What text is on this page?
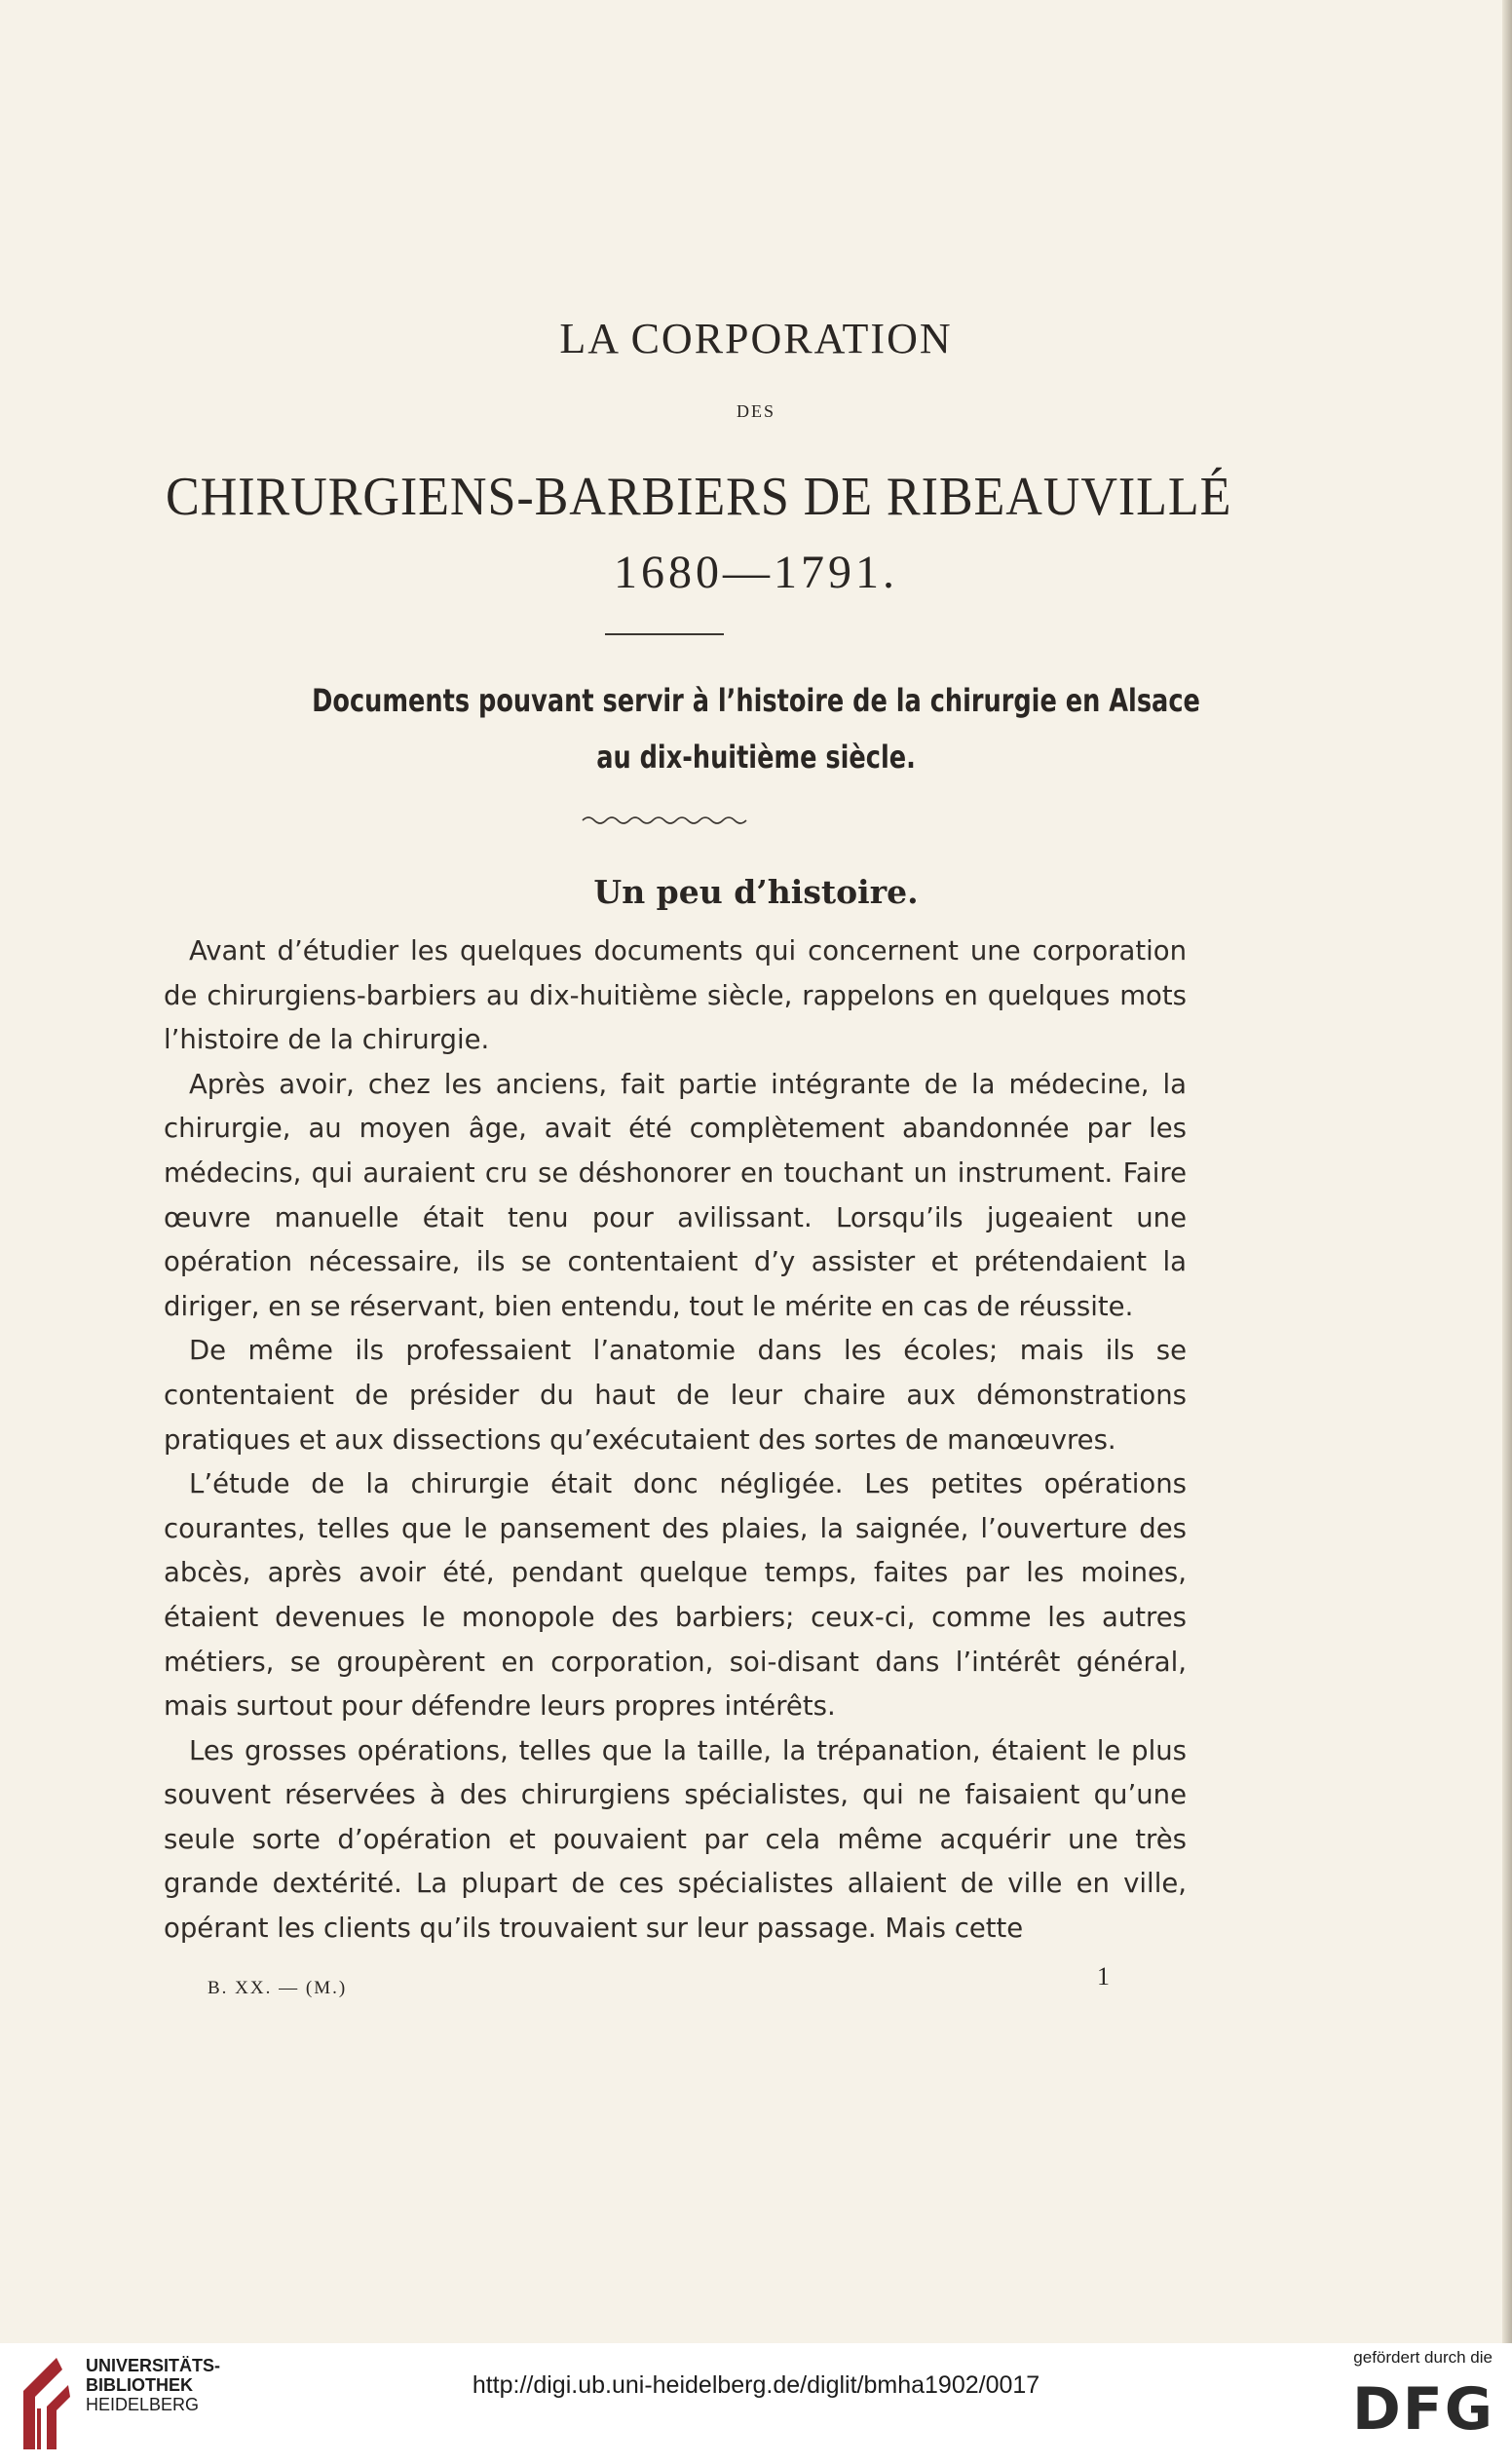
LA CORPORATION
DES
CHIRURGIENS-BARBIERS DE RIBEAUVILLÉ
1680—1791.
Documents pouvant servir à l’histoire de la chirurgie en Alsace
au dix-huitième siècle.
Un peu d’histoire.

Avant d’étudier les quelques documents qui concernent une corporation de chirurgiens-barbiers au dix-huitième siècle, rappelons en quelques mots l’histoire de la chirurgie.

Après avoir, chez les anciens, fait partie intégrante de la médecine, la chirurgie, au moyen âge, avait été complètement abandonnée par les médecins, qui auraient cru se déshonorer en touchant un instrument. Faire œuvre manuelle était tenu pour avilissant. Lorsqu’ils jugeaient une opération nécessaire, ils se contentaient d’y assister et prétendaient la diriger, en se réservant, bien entendu, tout le mérite en cas de réussite.

De même ils professaient l’anatomie dans les écoles; mais ils se contentaient de présider du haut de leur chaire aux démonstrations pratiques et aux dissections qu’exécutaient des sortes de manœuvres.

L’étude de la chirurgie était donc négligée. Les petites opérations courantes, telles que le pansement des plaies, la saignée, l’ouverture des abcès, après avoir été, pendant quelque temps, faites par les moines, étaient devenues le monopole des barbiers; ceux-ci, comme les autres métiers, se groupèrent en corporation, soi-disant dans l’intérêt général, mais surtout pour défendre leurs propres intérêts.

Les grosses opérations, telles que la taille, la trépanation, étaient le plus souvent réservées à des chirurgiens spécialistes, qui ne faisaient qu’une seule sorte d’opération et pouvaient par cela même acquérir une très grande dextérité. La plupart de ces spécialistes allaient de ville en ville, opérant les clients qu’ils trouvaient sur leur passage. Mais cette

B. XX. — (M.)	1
UNIVERSITÄTS-
BIBLIOTHEK
HEIDELBERG
http://digi.ub.uni-heidelberg.de/diglit/bmha1902/0017
gefördert durch die
DFG
